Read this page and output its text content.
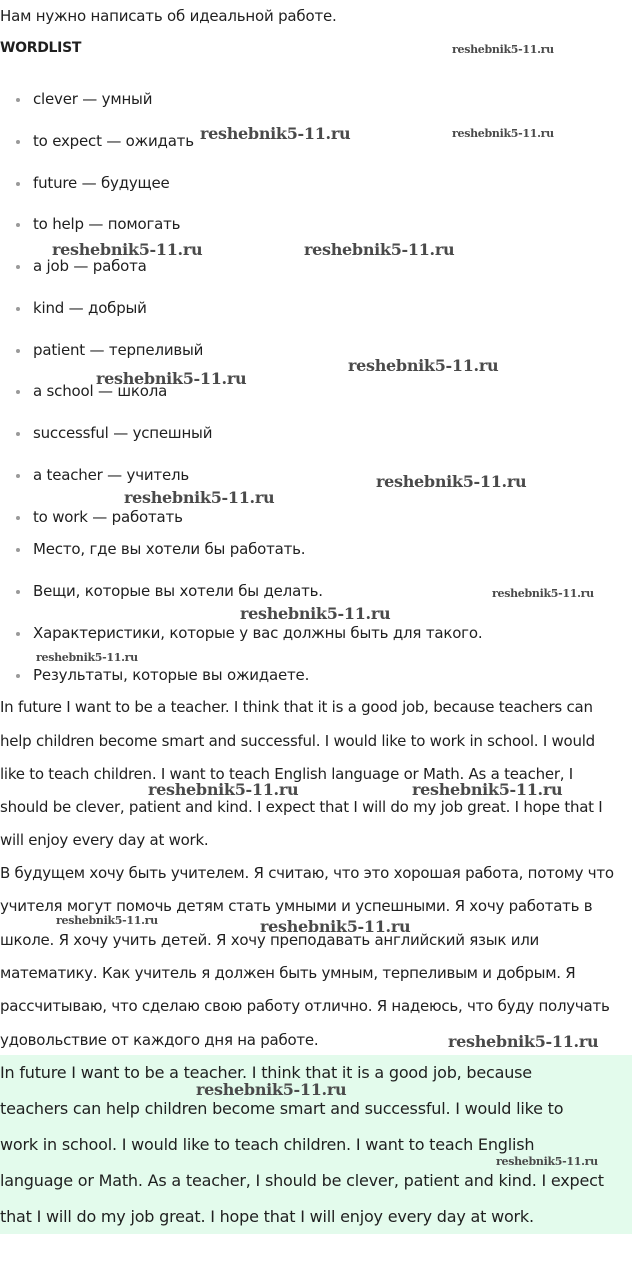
Нам нужно написать об идеальной работе.
WORDLIST
clever — умный
to expect — ожидать
future — будущее
to help — помогать
a job — работа
kind — добрый
patient — терпеливый
a school — школа
successful — успешный
a teacher — учитель
to work — работать
Место, где вы хотели бы работать.
Вещи, которые вы хотели бы делать.
Характеристики, которые у вас должны быть для такого.
Результаты, которые вы ожидаете.
In future I want to be a teacher. I think that it is a good job, because teachers can
help children become smart and successful. I would like to work in school. I would
like to teach children. I want to teach English language or Math. As a teacher, I
should be clever, patient and kind. I expect that I will do my job great. I hope that I
will enjoy every day at work.
В будущем хочу быть учителем. Я считаю, что это хорошая работа, потому что
учителя могут помочь детям стать умными и успешными. Я хочу работать в
школе. Я хочу учить детей. Я хочу преподавать английский язык или
математику. Как учитель я должен быть умным, терпеливым и добрым. Я
рассчитываю, что сделаю свою работу отлично. Я надеюсь, что буду получать
удовольствие от каждого дня на работе.
In future I want to be a teacher. I think that it is a good job, because
teachers can help children become smart and successful. I would like to
work in school. I would like to teach children. I want to teach English
language or Math. As a teacher, I should be clever, patient and kind. I expect
that I will do my job great. I hope that I will enjoy every day at work.
reshebnik5-11.ru
reshebnik5-11.ru	reshebnik5-11.ru
reshebnik5-11.ru	reshebnik5-11.ru
reshebnik5-11.ru
reshebnik5-11.ru
reshebnik5-11.ru
reshebnik5-11.ru
reshebnik5-11.ru
reshebnik5-11.ru
reshebnik5-11.ru
reshebnik5-11.ru	reshebnik5-11.ru
reshebnik5-11.ru	reshebnik5-11.ru
reshebnik5-11.ru
reshebnik5-11.ru
reshebnik5-11.ru
